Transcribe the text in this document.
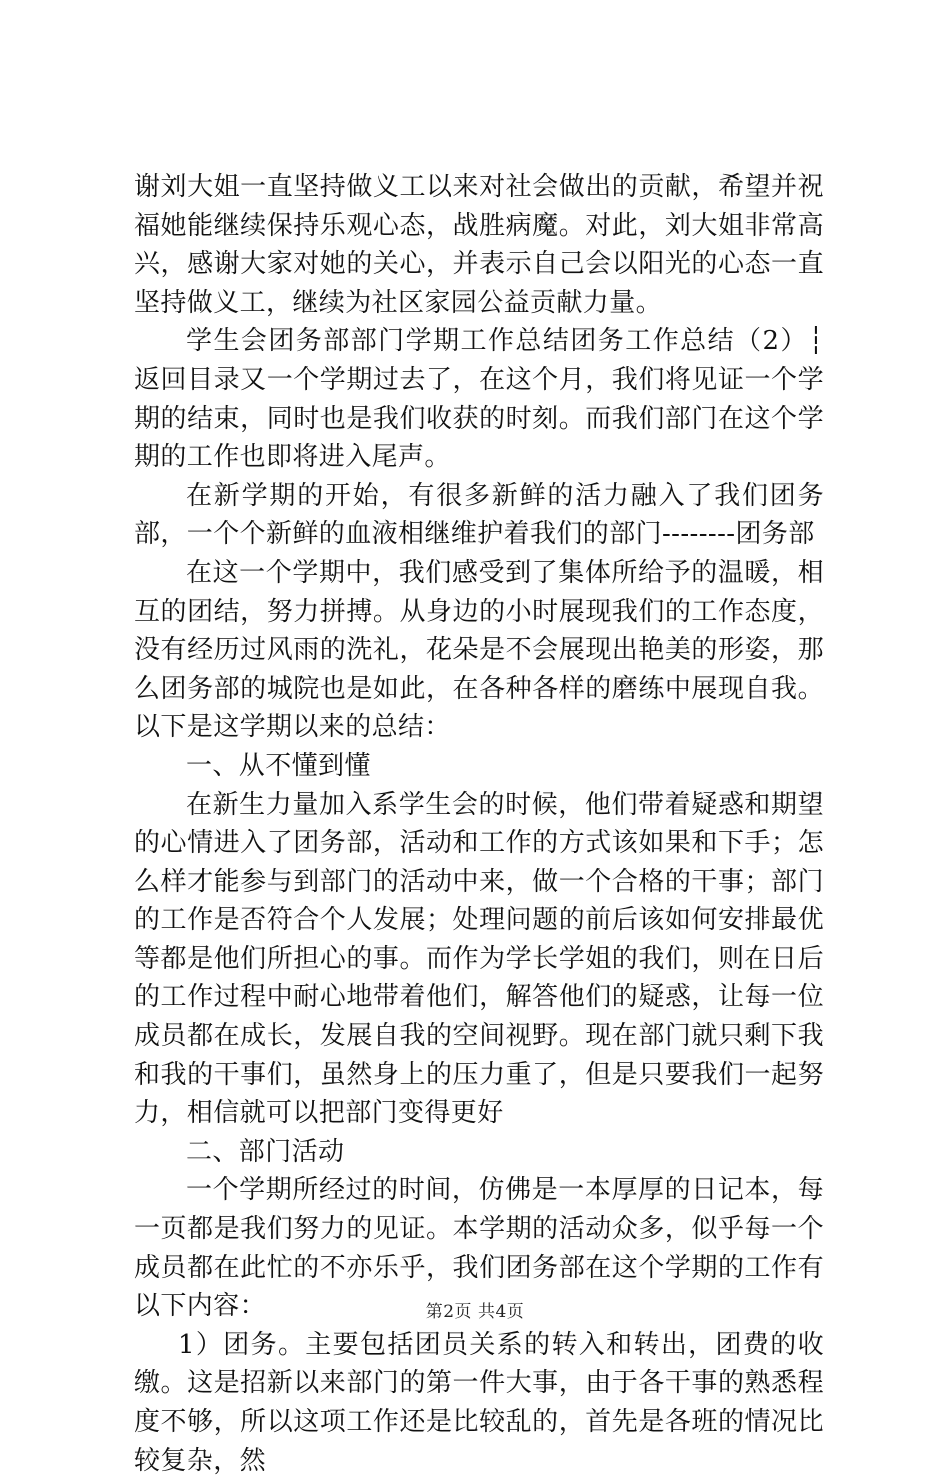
谢刘大姐一直坚持做义工以来对社会做出的贡献，希望并祝福她能继续保持乐观心态，战胜病魔。对此，刘大姐非常高兴，感谢大家对她的关心，并表示自己会以阳光的心态一直坚持做义工，继续为社区家园公益贡献力量。

学生会团务部部门学期工作总结团务工作总结（2）┆返回目录又一个学期过去了，在这个月，我们将见证一个学期的结束，同时也是我们收获的时刻。而我们部门在这个学期的工作也即将进入尾声。

在新学期的开始，有很多新鲜的活力融入了我们团务部，一个个新鲜的血液相继维护着我们的部门--------团务部

在这一个学期中，我们感受到了集体所给予的温暖，相互的团结，努力拼搏。从身边的小时展现我们的工作态度，没有经历过风雨的洗礼，花朵是不会展现出艳美的形姿，那么团务部的城院也是如此，在各种各样的磨练中展现自我。以下是这学期以来的总结：

一、从不懂到懂

在新生力量加入系学生会的时候，他们带着疑惑和期望的心情进入了团务部，活动和工作的方式该如果和下手；怎么样才能参与到部门的活动中来，做一个合格的干事；部门的工作是否符合个人发展；处理问题的前后该如何安排最优等都是他们所担心的事。而作为学长学姐的我们，则在日后的工作过程中耐心地带着他们，解答他们的疑惑，让每一位成员都在成长，发展自我的空间视野。现在部门就只剩下我和我的干事们，虽然身上的压力重了，但是只要我们一起努力，相信就可以把部门变得更好

二、部门活动

一个学期所经过的时间，仿佛是一本厚厚的日记本，每一页都是我们努力的见证。本学期的活动众多，似乎每一个成员都在此忙的不亦乐乎，我们团务部在这个学期的工作有以下内容：

1）团务。主要包括团员关系的转入和转出，团费的收缴。这是招新以来部门的第一件大事，由于各干事的熟悉程度不够，所以这项工作还是比较乱的，首先是各班的情况比较复杂，然

第2页 共4页
